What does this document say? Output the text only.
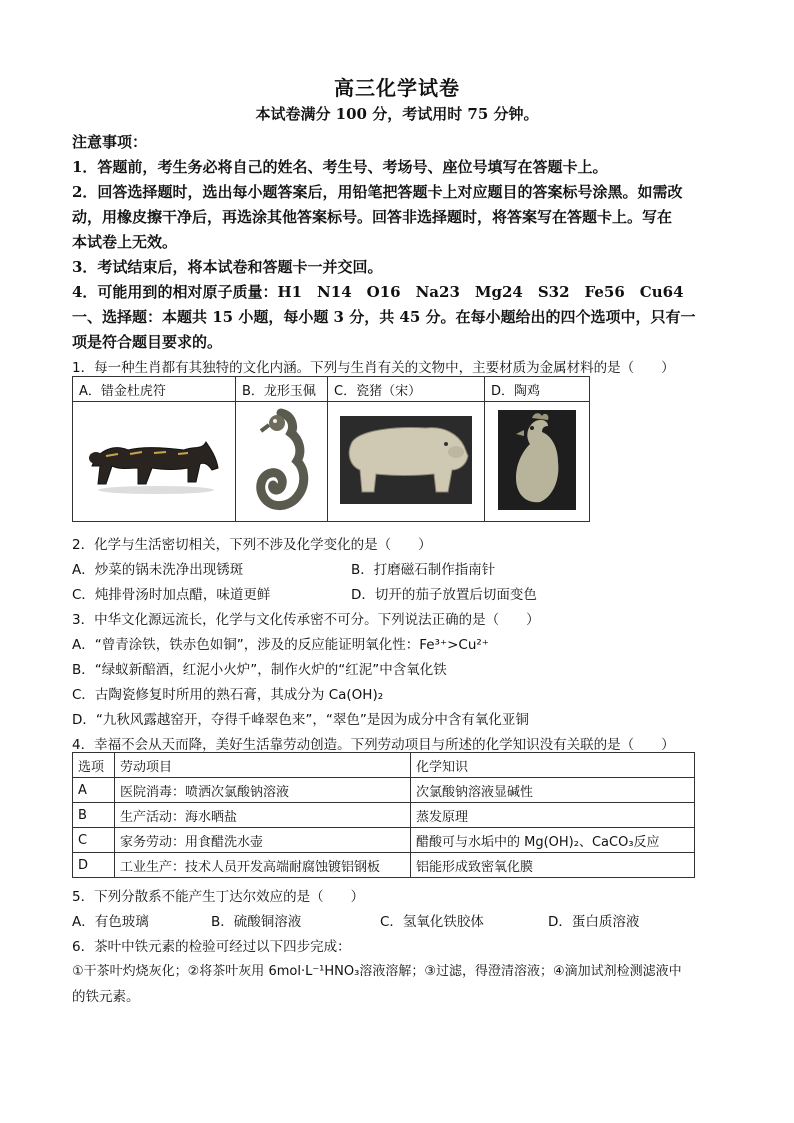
高三化学试卷
本试卷满分 100 分，考试用时 75 分钟。
注意事项：
1．答题前，考生务必将自己的姓名、考生号、考场号、座位号填写在答题卡上。
2．回答选择题时，选出每小题答案后，用铅笔把答题卡上对应题目的答案标号涂黑。如需改
动，用橡皮擦干净后，再选涂其他答案标号。回答非选择题时，将答案写在答题卡上。写在
本试卷上无效。
3．考试结束后，将本试卷和答题卡一并交回。
4．可能用到的相对原子质量：H1　N14　O16　Na23　Mg24　S32　Fe56　Cu64
一、选择题：本题共 15 小题，每小题 3 分，共 45 分。在每小题给出的四个选项中，只有一
项是符合题目要求的。
1．每一种生肖都有其独特的文化内涵。下列与生肖有关的文物中，主要材质为金属材料的是（　　）
A．错金杜虎符	B．龙形玉佩	C．瓷猪（宋）	D．陶鸡

2．化学与生活密切相关，下列不涉及化学变化的是（　　）
A．炒菜的锅未洗净出现锈斑	B．打磨磁石制作指南针
C．炖排骨汤时加点醋，味道更鲜	D．切开的茄子放置后切面变色
3．中华文化源远流长，化学与文化传承密不可分。下列说法正确的是（　　）
A．“曾青涂铁，铁赤色如铜”，涉及的反应能证明氧化性：Fe³⁺>Cu²⁺
B．“绿蚁新醅酒，红泥小火炉”，制作火炉的“红泥”中含氧化铁
C．古陶瓷修复时所用的熟石膏，其成分为 Ca(OH)₂
D．“九秋风露越窑开，夺得千峰翠色来”，“翠色”是因为成分中含有氧化亚铜
4．幸福不会从天而降，美好生活靠劳动创造。下列劳动项目与所述的化学知识没有关联的是（　　）
选项	劳动项目	化学知识
A	医院消毒：喷洒次氯酸钠溶液	次氯酸钠溶液显碱性
B	生产活动：海水晒盐	蒸发原理
C	家务劳动：用食醋洗水壶	醋酸可与水垢中的 Mg(OH)₂、CaCO₃反应
D	工业生产：技术人员开发高端耐腐蚀镀铝钢板	铝能形成致密氧化膜
5．下列分散系不能产生丁达尔效应的是（　　）
A．有色玻璃	B．硫酸铜溶液	C．氢氧化铁胶体	D．蛋白质溶液
6．茶叶中铁元素的检验可经过以下四步完成：
①干茶叶灼烧灰化；②将茶叶灰用 6mol·L⁻¹HNO₃溶液溶解；③过滤，得澄清溶液；④滴加试剂检测滤液中
的铁元素。
